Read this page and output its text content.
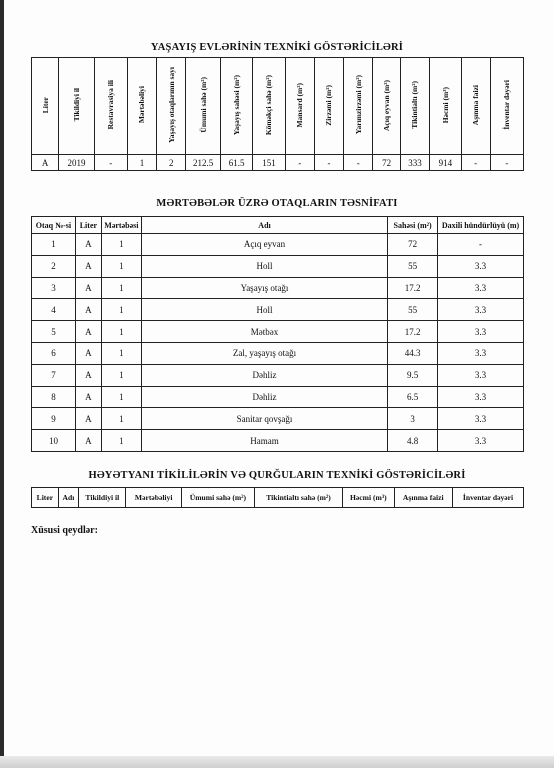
YAŞAYIŞ EVLƏRİNİN TEXNİKİ GÖSTƏRİCİLƏRİ
Liter	Tikildiyi il	Restavrasiya ili	Mərtəbəliyi	Yaşayış otaqlarının sayı	Ümumi sahə (m²)	Yaşayış sahəsi (m²)	Köməkçi sahə (m²)	Mansard (m²)	Zirzəmi (m²)	Yarımzirzəmi (m²)	Açıq eyvan (m²)	Tikintialtı (m²)	Həcmi (m³)	Aşınma faizi	İnventar dəyəri
A	2019	-	1	2	212.5	61.5	151	-	-	-	72	333	914	-	-
MƏRTƏBƏLƏR ÜZRƏ OTAQLARIN TƏSNİFATI
Otaq №-si	Liter	Mərtəbəsi	Adı	Sahəsi (m²)	Daxili hündürlüyü (m)
1	A	1	Açıq eyvan	72	-
2	A	1	Holl	55	3.3
3	A	1	Yaşayış otağı	17.2	3.3
4	A	1	Holl	55	3.3
5	A	1	Mətbəx	17.2	3.3
6	A	1	Zal, yaşayış otağı	44.3	3.3
7	A	1	Dəhliz	9.5	3.3
8	A	1	Dəhliz	6.5	3.3
9	A	1	Sanitar qovşağı	3	3.3
10	A	1	Hamam	4.8	3.3
HƏYƏTYANI TİKİLİLƏRİN VƏ QURĞULARIN TEXNİKİ GÖSTƏRİCİLƏRİ
Liter	Adı	Tikildiyi il	Mərtəbəliyi	Ümumi sahə (m²)	Tikintialtı sahə (m²)	Həcmi (m³)	Aşınma faizi	İnventar dəyəri
Xüsusi qeydlər:
